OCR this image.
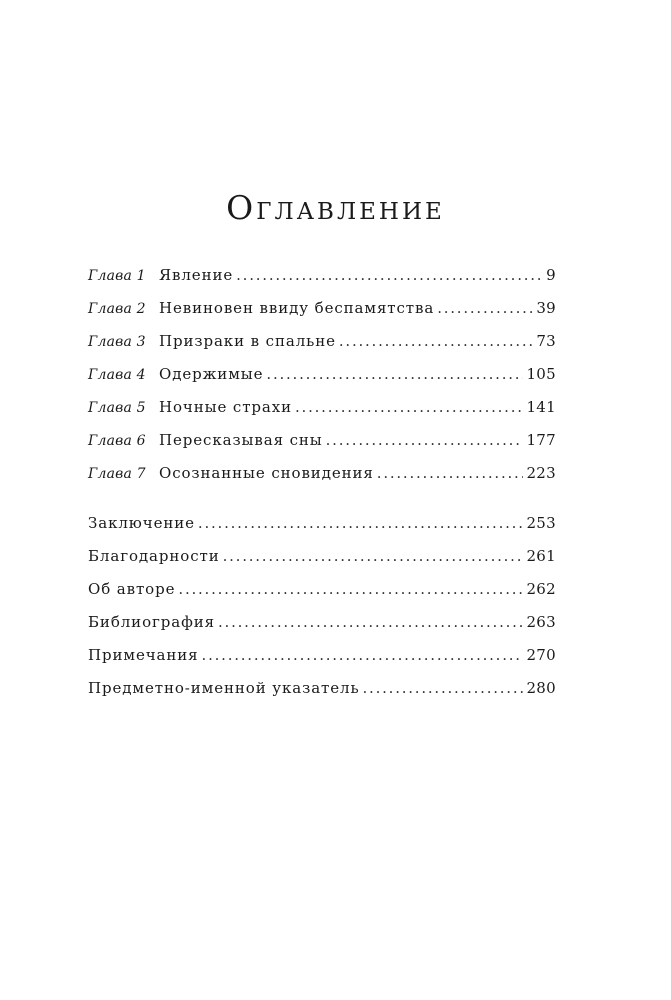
Оглавление
Глава 1 Явление . . .	9
Глава 2 Невиновен ввиду беспамятства . . .	39
Глава 3 Призраки в спальне . . .	73
Глава 4 Одержимые . . .	105
Глава 5 Ночные страхи . . .	141
Глава 6 Пересказывая сны . . .	177
Глава 7 Осознанные сновидения . . .	223
Заключение . . .	253
Благодарности . . .	261
Об авторе . . .	262
Библиография . . .	263
Примечания . . .	270
Предметно-именной указатель . . .	280
